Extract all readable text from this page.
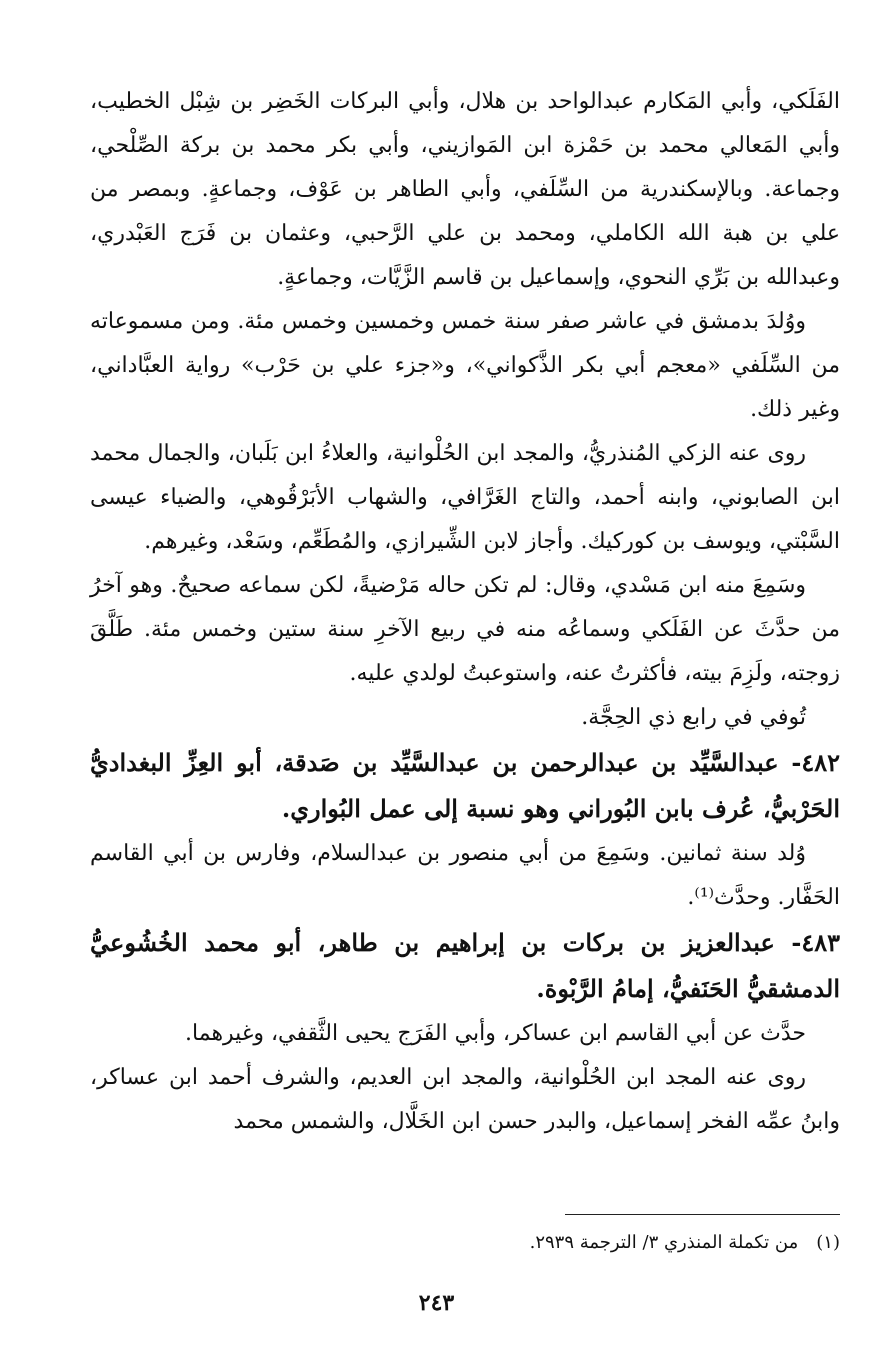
الفَلَكي، وأبي المَكارم عبدالواحد بن هلال، وأبي البركات الخَضِر بن شِبْل الخطيب، وأبي المَعالي محمد بن حَمْزة ابن المَوازيني، وأبي بكر محمد بن بركة الصِّلْحي، وجماعة. وبالإسكندرية من السِّلَفي، وأبي الطاهر بن عَوْف، وجماعةٍ. وبمصر من علي بن هبة الله الكاملي، ومحمد بن علي الرَّحبي، وعثمان بن فَرَج العَبْدري، وعبدالله بن بَرِّي النحوي، وإسماعيل بن قاسم الزَّيَّات، وجماعةٍ.

ووُلدَ بدمشق في عاشر صفر سنة خمس وخمسين وخمس مئة. ومن مسموعاته من السِّلَفي «معجم أبي بكر الذَّكواني»، و«جزء علي بن حَرْب» رواية العبَّاداني، وغير ذلك.

روى عنه الزكي المُنذريُّ، والمجد ابن الحُلْوانية، والعلاءُ ابن بَلَبان، والجمال محمد ابن الصابوني، وابنه أحمد، والتاج الغَرَّافي، والشهاب الأبَرْقُوهي، والضياء عيسى السَّبْتي، ويوسف بن كوركيك. وأجاز لابن الشِّيرازي، والمُطَعِّم، وسَعْد، وغيرهم.

وسَمِعَ منه ابن مَسْدي، وقال: لم تكن حاله مَرْضيةً، لكن سماعه صحيحٌ. وهو آخرُ من حدَّثَ عن الفَلَكي وسماعُه منه في ربيع الآخرِ سنة ستين وخمس مئة. طَلَّقَ زوجته، ولَزِمَ بيته، فأكثرتُ عنه، واستوعبتُ لولدي عليه.

تُوفي في رابع ذي الحِجَّة.

٤٨٢- عبدالسَّيِّد بن عبدالرحمن بن عبدالسَّيِّد بن صَدقة، أبو العِزِّ البغداديُّ الحَرْبيُّ، عُرف بابن البُوراني وهو نسبة إلى عمل البُواري.

وُلد سنة ثمانين. وسَمِعَ من أبي منصور بن عبدالسلام، وفارس بن أبي القاسم الحَفَّار. وحدَّث⁽¹⁾.

٤٨٣- عبدالعزيز بن بركات بن إبراهيم بن طاهر، أبو محمد الخُشُوعيُّ الدمشقيُّ الحَنَفيُّ، إمامُ الرَّبْوة.

حدَّث عن أبي القاسم ابن عساكر، وأبي الفَرَج يحيى الثَّقفي، وغيرهما.

روى عنه المجد ابن الحُلْوانية، والمجد ابن العديم، والشرف أحمد ابن عساكر، وابنُ عمِّه الفخر إسماعيل، والبدر حسن ابن الخَلَّال، والشمس محمد

(١)من تكملة المنذري ٣/ الترجمة ٢٩٣٩.
٢٤٣
